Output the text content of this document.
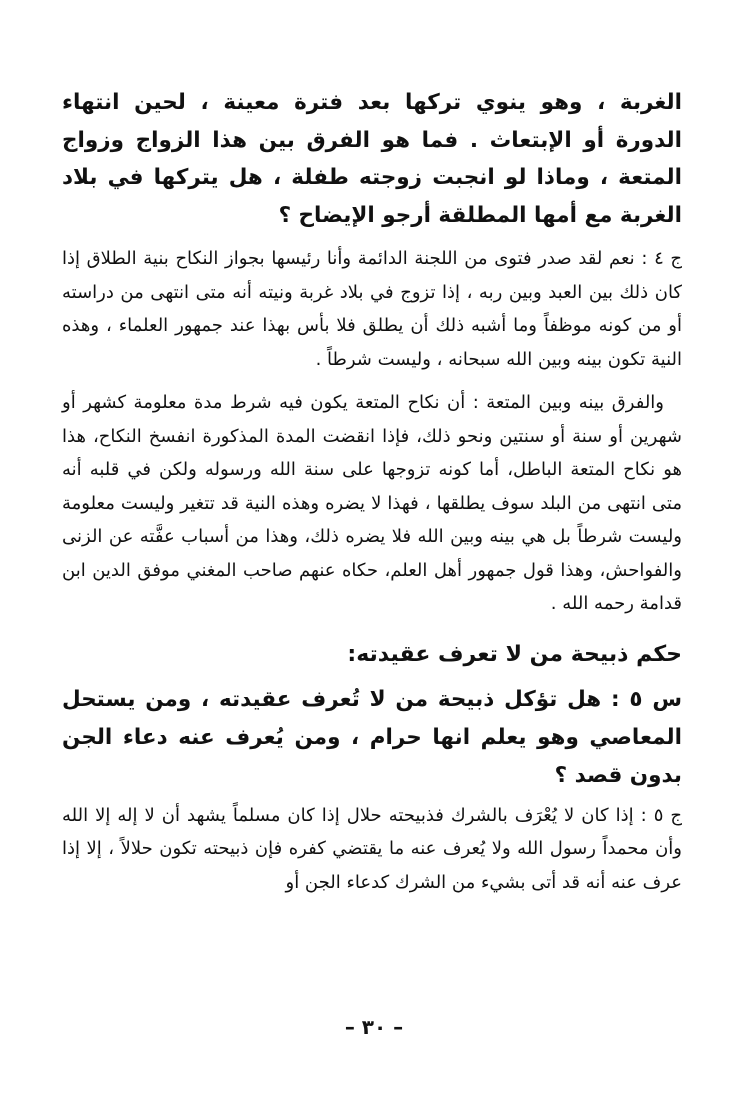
الغربة ، وهو ينوي تركها بعد فترة معينة ، لحين انتهاء الدورة أو الإبتعاث . فما هو الفرق بين هذا الزواج وزواج المتعة ، وماذا لو انجبت زوجته طفلة ، هل يتركها في بلاد الغربة مع أمها المطلقة أرجو الإيضاح ؟

ج ٤ : نعم لقد صدر فتوى من اللجنة الدائمة وأنا رئيسها بجواز النكاح بنية الطلاق إذا كان ذلك بين العبد وبين ربه ، إذا تزوج في بلاد غربة ونيته أنه متى انتهى من دراسته أو من كونه موظفاً وما أشبه ذلك أن يطلق فلا بأس بهذا عند جمهور العلماء ، وهذه النية تكون بينه وبين الله سبحانه ، وليست شرطاً .

والفرق بينه وبين المتعة : أن نكاح المتعة يكون فيه شرط مدة معلومة كشهر أو شهرين أو سنة أو سنتين ونحو ذلك، فإذا انقضت المدة المذكورة انفسخ النكاح، هذا هو نكاح المتعة الباطل، أما كونه تزوجها على سنة الله ورسوله ولكن في قلبه أنه متى انتهى من البلد سوف يطلقها ، فهذا لا يضره وهذه النية قد تتغير وليست معلومة وليست شرطاً بل هي بينه وبين الله فلا يضره ذلك، وهذا من أسباب عفَّته عن الزنى والفواحش، وهذا قول جمهور أهل العلم، حكاه عنهم صاحب المغني موفق الدين ابن قدامة رحمه الله .

حكم ذبيحة من لا تعرف عقيدته:

س ٥ : هل تؤكل ذبيحة من لا تُعرف عقيدته ، ومن يستحل المعاصي وهو يعلم انها حرام ، ومن يُعرف عنه دعاء الجن بدون قصد ؟

ج ٥ : إذا كان لا يُعْرَف بالشرك فذبيحته حلال إذا كان مسلماً يشهد أن لا إله إلا الله وأن محمداً رسول الله ولا يُعرف عنه ما يقتضي كفره فإن ذبيحته تكون حلالاً ، إلا إذا عرف عنه أنه قد أتى بشيء من الشرك كدعاء الجن أو

– ٣٠ –
